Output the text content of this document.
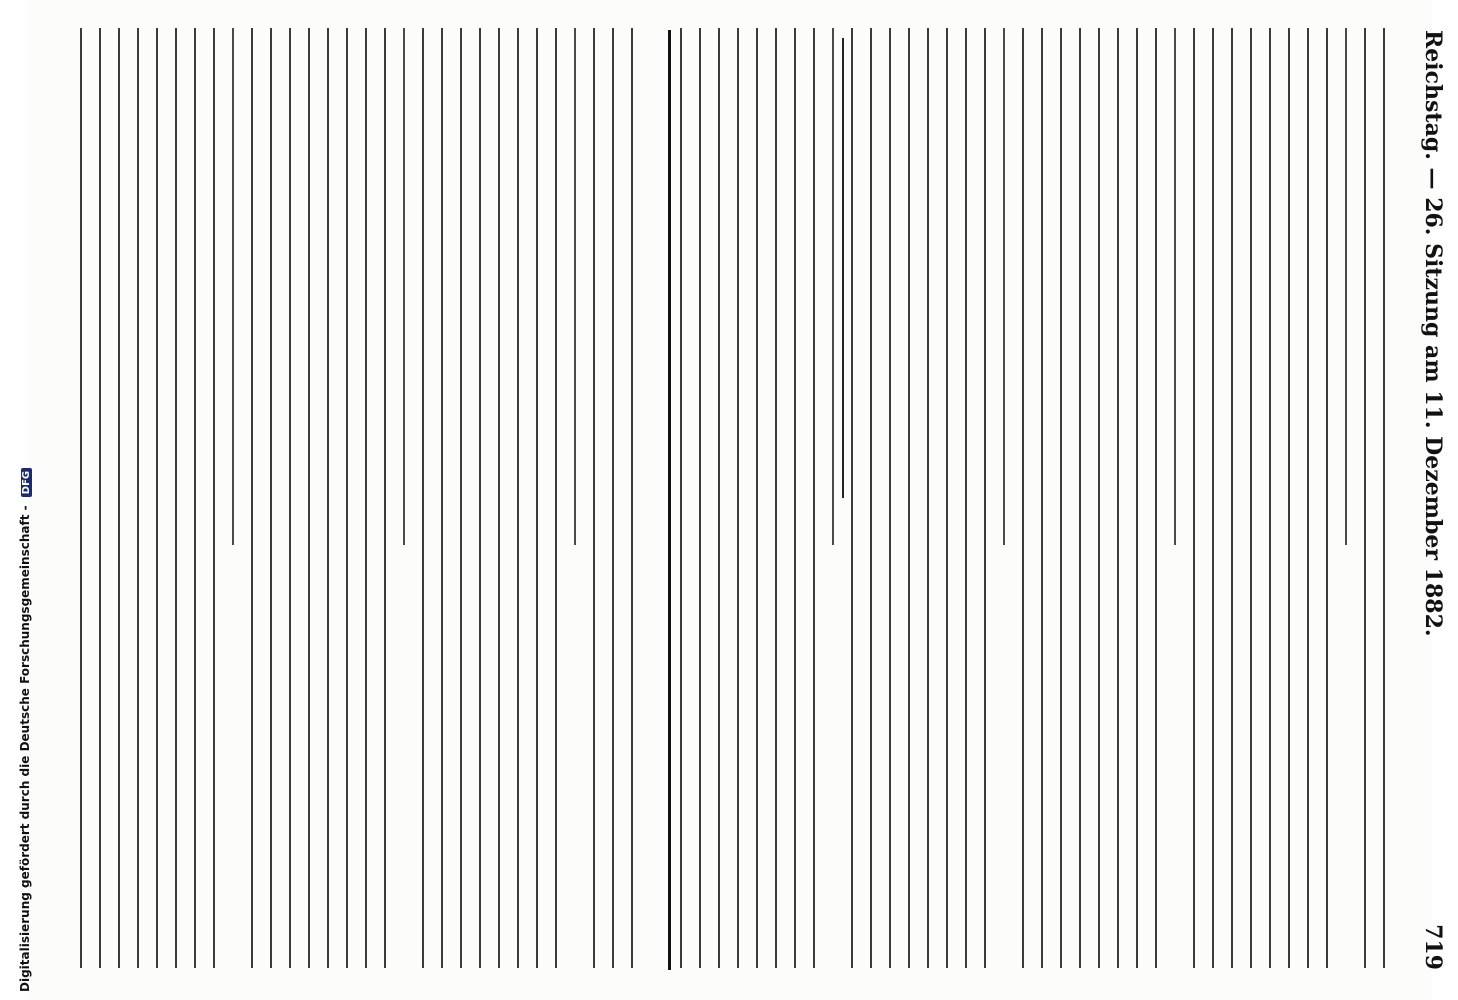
Digitalisierung gefördert durch die Deutsche Forschungsgemeinschaft - DFG	Reichstag. — 26. Sitzung am 11. Dezember 1882.
719
